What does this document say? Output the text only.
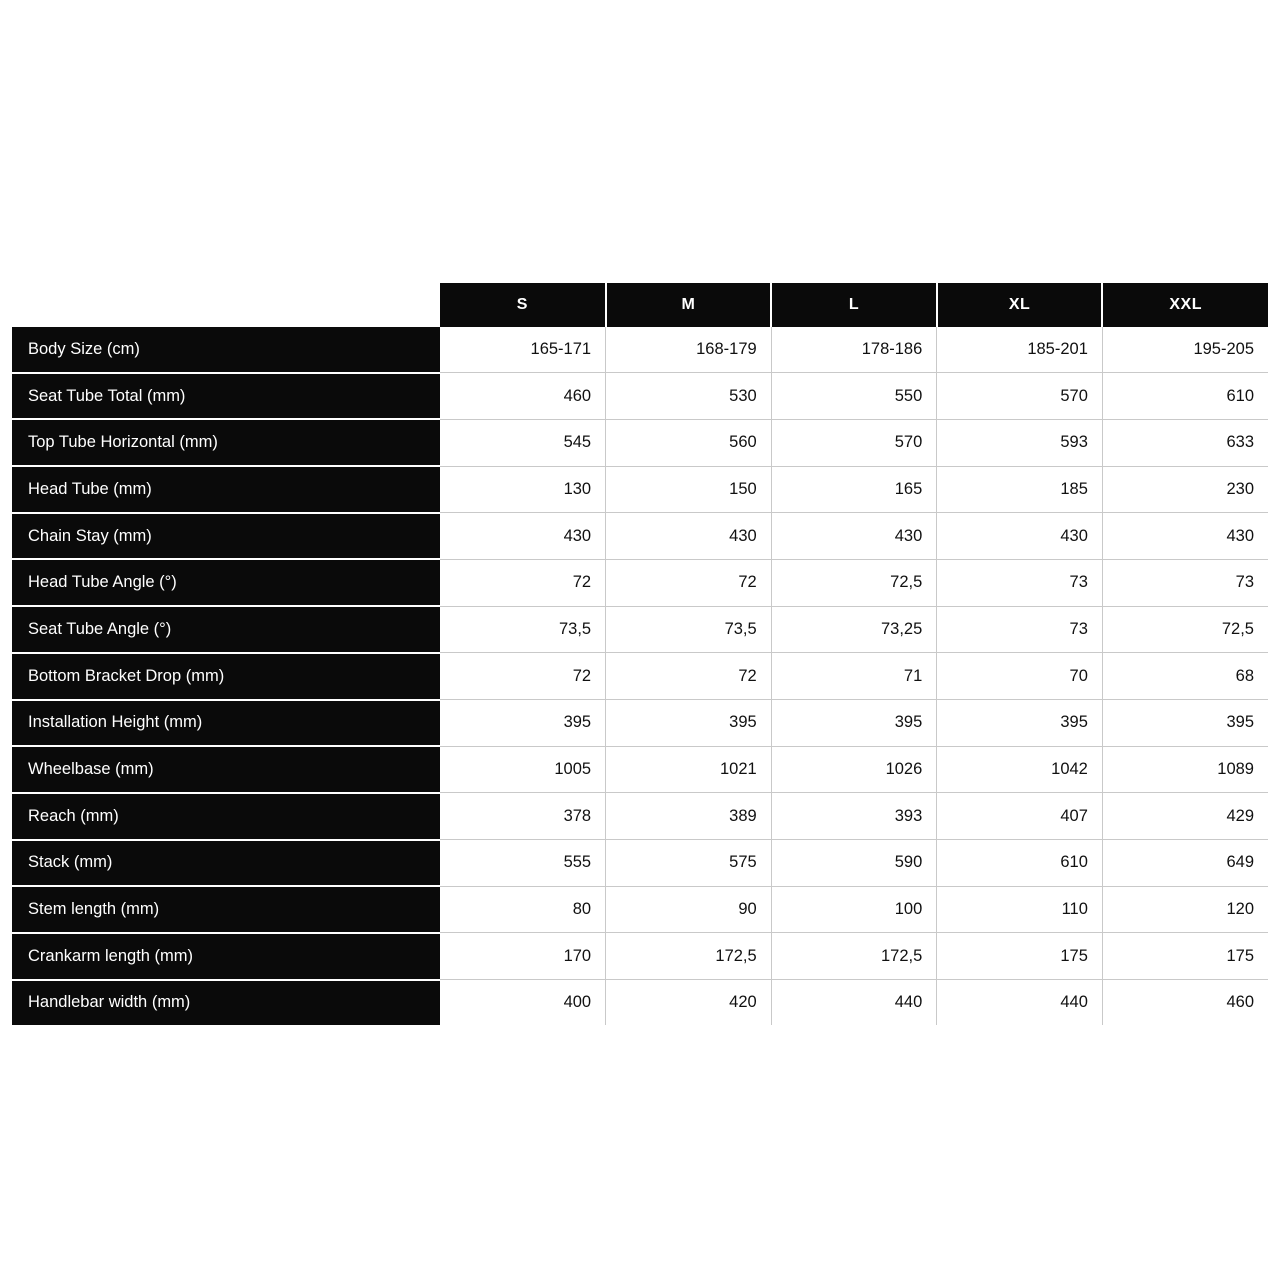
	S	M	L	XL	XXL
Body Size (cm)	165-171	168-179	178-186	185-201	195-205
Seat Tube Total (mm)	460	530	550	570	610
Top Tube Horizontal (mm)	545	560	570	593	633
Head Tube (mm)	130	150	165	185	230
Chain Stay (mm)	430	430	430	430	430
Head Tube Angle (°)	72	72	72,5	73	73
Seat Tube Angle (°)	73,5	73,5	73,25	73	72,5
Bottom Bracket Drop (mm)	72	72	71	70	68
Installation Height (mm)	395	395	395	395	395
Wheelbase (mm)	1005	1021	1026	1042	1089
Reach (mm)	378	389	393	407	429
Stack (mm)	555	575	590	610	649
Stem length (mm)	80	90	100	110	120
Crankarm length (mm)	170	172,5	172,5	175	175
Handlebar width (mm)	400	420	440	440	460
